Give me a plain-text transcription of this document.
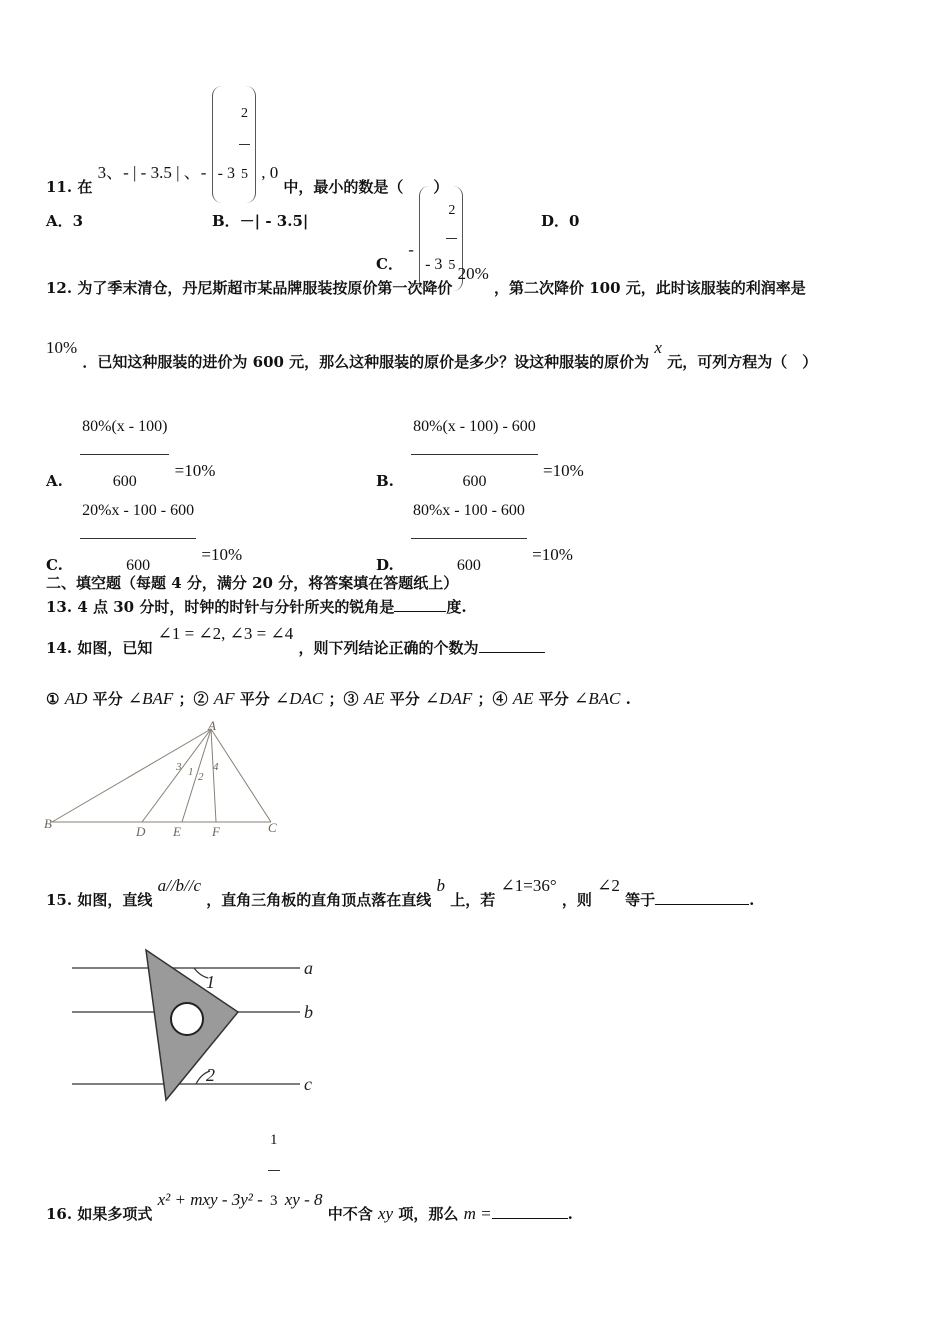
11. 在 3、- | - 3.5 | 、- - $3 \frac{2}{5}$ , 0 中，最小的数是（　　）
A．3	B．－| - 3.5|
C． - - $3 \frac{2}{5}$	D．0
12. 为了季末清仓，丹尼斯超市某品牌服装按原价第一次降价 20% ，第二次降价 100 元，此时该服装的利润率是
10% ．已知这种服装的进价为 600 元，那么这种服装的原价是多少？设这种服装的原价为 x 元，可列方程为（　）
A. $\frac{80\%(x - 100)}{600} =10\%$
B. $\frac{80\%(x - 100) - 600}{600} =10\%$
C. $\frac{20\%x - 100 - 600}{600} =10\%$
D. $\frac{80\%x - 100 - 600}{600} =10\%$
二、填空题（每题 4 分，满分 20 分，将答案填在答题纸上）
13. 4 点 30 分时，时钟的时针与分针所夹的锐角是	度.
14. 如图，已知 ∠1 = ∠2, ∠3 = ∠4 ，则下列结论正确的个数为
① AD 平分 ∠BAF ；② AF 平分 ∠DAC ；③ AE 平分 ∠DAF ；④ AE 平分 ∠BAC .
A
B	C
D E F
1 2
3	4
15. 如图，直线 a//b//c ，直角三角板的直角顶点落在直线 b 上，若 ∠1=36° ，则 ∠2 等于	.
1
2
a
b
c
16. 如果多项式 x² + mxy - $3y^2 - \frac{1}{3}$ xy - 8 中不含 xy 项，那么 m =	.
